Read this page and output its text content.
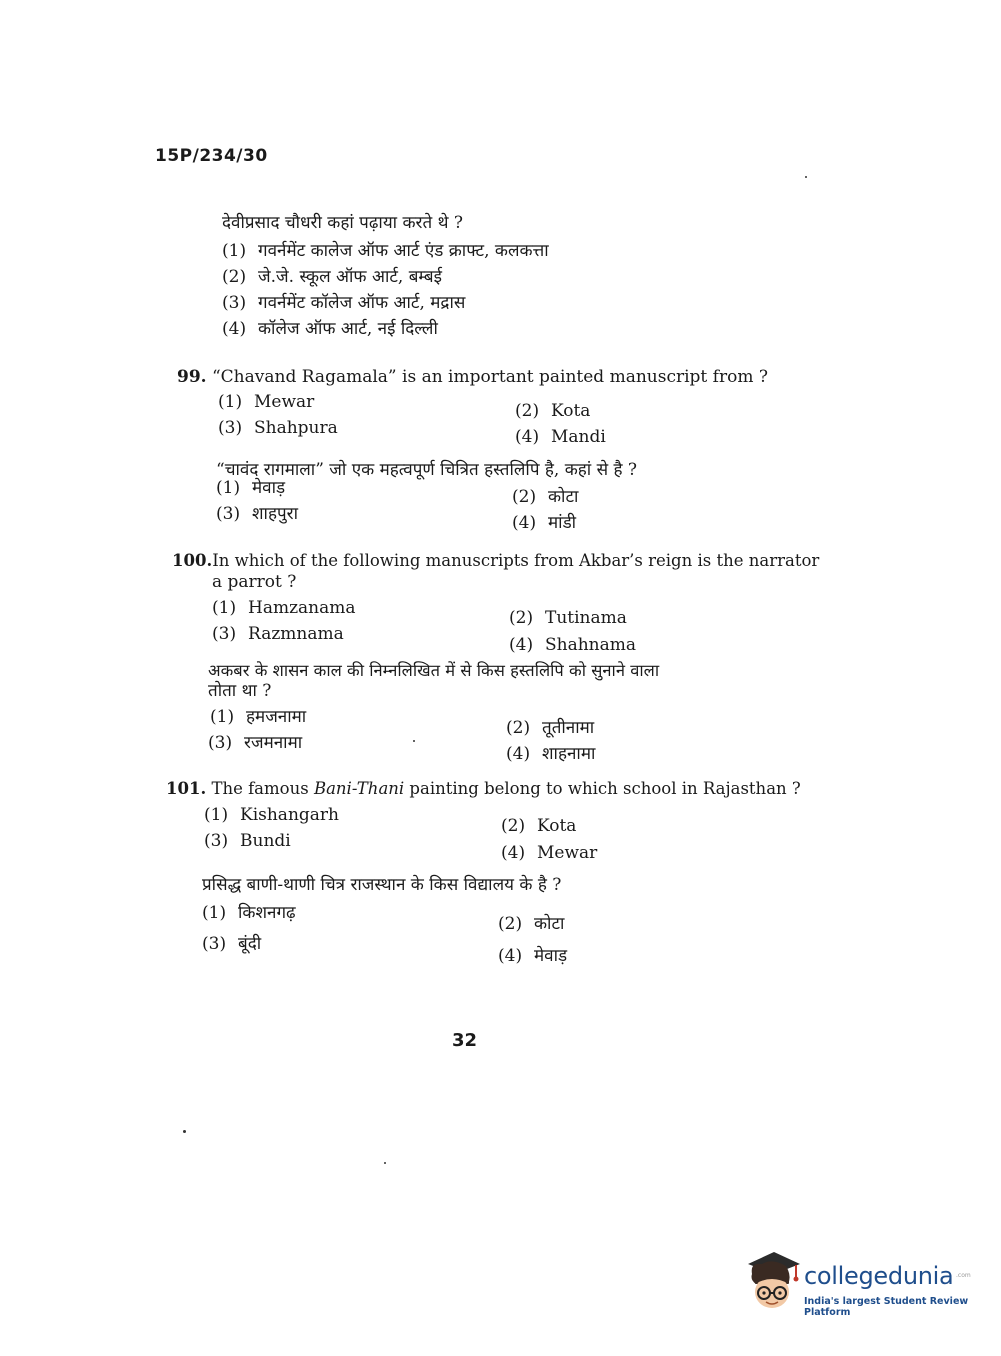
15P/234/30
देवीप्रसाद चौधरी कहां पढ़ाया करते थे ?
(1) गवर्नमेंट कालेज ऑफ आर्ट एंड क्राफ्ट, कलकत्ता
(2) जे.जे. स्कूल ऑफ आर्ट, बम्बई
(3) गवर्नमेंट कॉलेज ऑफ आर्ट, मद्रास
(4) कॉलेज ऑफ आर्ट, नई दिल्ली
99. “Chavand Ragamala” is an important painted manuscript from ?
(1) Mewar	(2) Kota
(3) Shahpura	(4) Mandi
“चावंद रागमाला” जो एक महत्वपूर्ण चित्रित हस्तलिपि है, कहां से है ?
(1) मेवाड़	(2) कोटा
(3) शाहपुरा	(4) मांडी
100.In which of the following manuscripts from Akbar’s reign is the narrator
a parrot ?
(1) Hamzanama	(2) Tutinama
(3) Razmnama
(4) Shahnama
अकबर के शासन काल की निम्नलिखित में से किस हस्तलिपि को सुनाने वाला
तोता था ?
(1) हमजनामा
(2) तूतीनामा
(3) रजमनामा
(4) शाहनामा
101. The famous Bani-Thani painting belong to which school in Rajasthan ?
(1) Kishangarh
(2) Kota
(3) Bundi
(4) Mewar
प्रसिद्ध बाणी-थाणी चित्र राजस्थान के किस विद्यालय के है ?
(1) किशनगढ़
(2) कोटा
(3) बूंदी
(4) मेवाड़
32
collegedunia .com
India's largest Student Review Platform
